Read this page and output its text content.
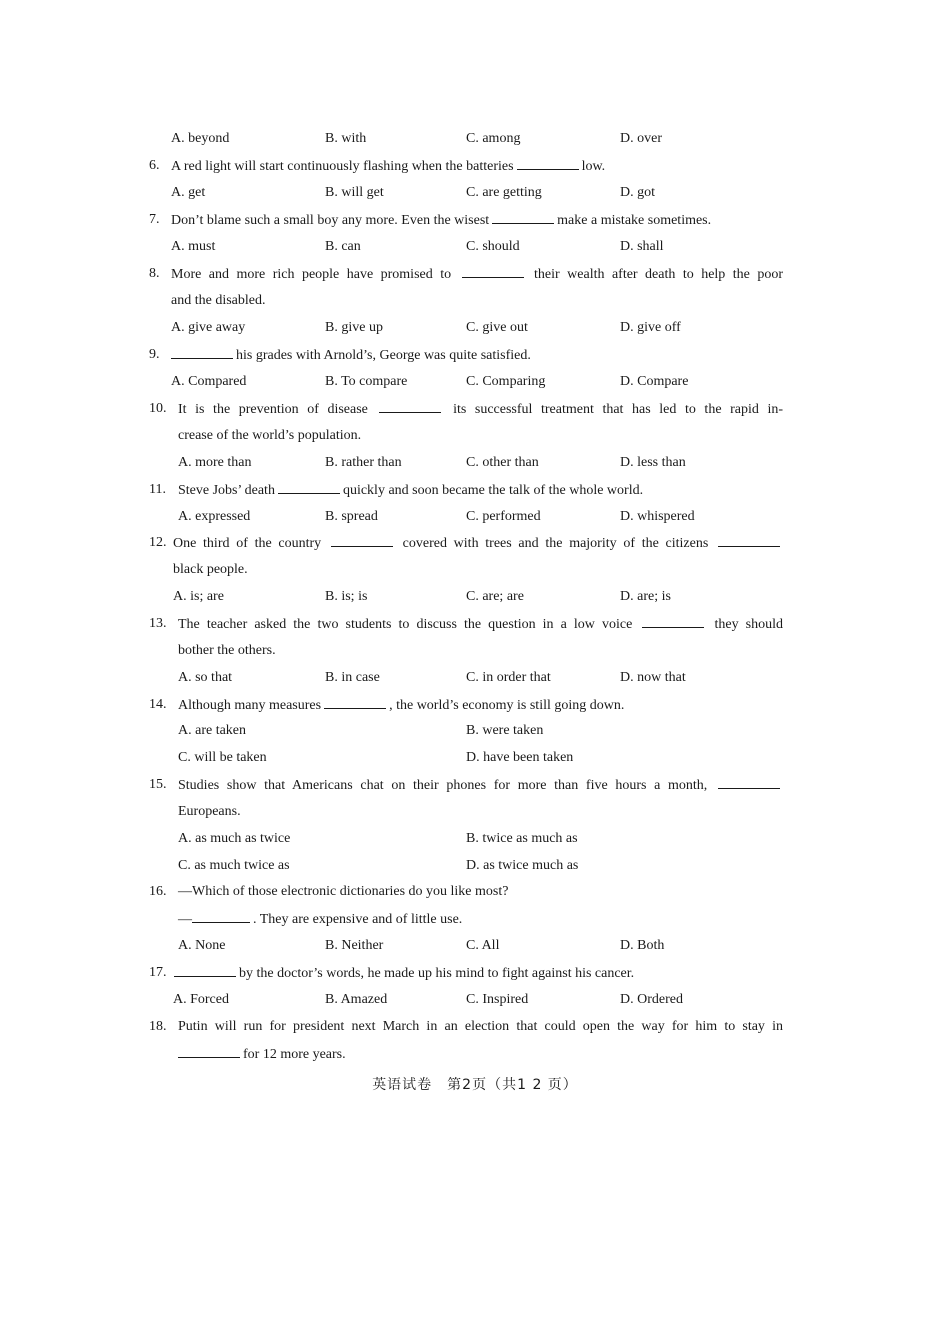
A. beyond	B. with	C. among	D. over
6. A red light will start continuously flashing when the batteries	low.
A. get	B. will get	C. are getting	D. got
7. Don’t blame such a small boy any more. Even the wisest	make a mistake sometimes.
A. must	B. can	C. should	D. shall
8. More and more rich people have promised to	their wealth after death to help the poor
and the disabled.
A. give away	B. give up	C. give out	D. give off
9.	his grades with Arnold’s, George was quite satisfied.
A. Compared	B. To compare	C. Comparing	D. Compare
10. It is the prevention of disease	its successful treatment that has led to the rapid in-
crease of the world’s population.
A. more than	B. rather than	C. other than	D. less than
11. Steve Jobs’ death	quickly and soon became the talk of the whole world.
A. expressed	B. spread	C. performed	D. whispered
12. One third of the country	covered with trees and the majority of the citizens
black people.
A. is; are	B. is; is	C. are; are	D. are; is
13. The teacher asked the two students to discuss the question in a low voice	they should
bother the others.
A. so that	B. in case	C. in order that	D. now that
14. Although many measures	, the world’s economy is still going down.
A. are taken	B. were taken
C. will be taken	D. have been taken
15. Studies show that Americans chat on their phones for more than five hours a month,
Europeans.
A. as much as twice	B. twice as much as
C. as much twice as	D. as twice much as
16. —Which of those electronic dictionaries do you like most?
—	. They are expensive and of little use.
A. None	B. Neither	C. All	D. Both
17.	by the doctor’s words, he made up his mind to fight against his cancer.
A. Forced	B. Amazed	C. Inspired	D. Ordered
18. Putin will run for president next March in an election that could open the way for him to stay in
for 12 more years.
英语试卷　第2页（共1 2 页）
